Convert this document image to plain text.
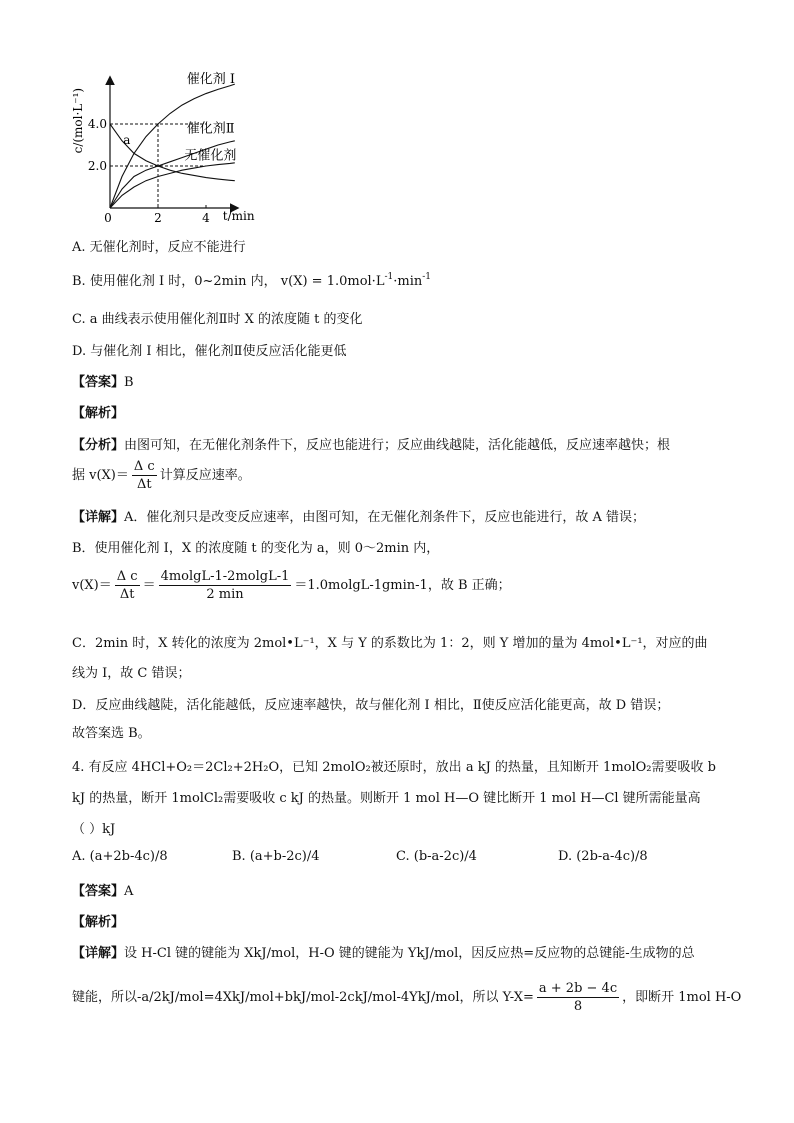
0	2	4
2.0
4.0
催化剂 I
催化剂Ⅱ
无催化剂
a
t/min
c/(mol·L⁻¹)
A. 无催化剂时，反应不能进行
B. 使用催化剂 I 时，0~2min 内， $v(X) = 1.0mol\cdot L^{-1}\cdot\min^{-1}$
C. a 曲线表示使用催化剂Ⅱ时 X 的浓度随 t 的变化
D. 与催化剂 I 相比，催化剂Ⅱ使反应活化能更低
【答案】B
【解析】
【分析】由图可知，在无催化剂条件下，反应也能进行；反应曲线越陡，活化能越低，反应速率越快；根
据 $v(X)= \frac{\text{Δ c}}{\Delta t}$ 计算反应速率。
【详解】A．催化剂只是改变反应速率，由图可知，在无催化剂条件下，反应也能进行，故 A 错误；
B．使用催化剂 I，X 的浓度随 t 的变化为 a，则 0～2min 内，
$v(X)= \frac{\text{Δ c}}{\Delta t} = \frac{4molgL-1-2molgL-1}{2 \min} =1.0molgL-1gmin-1$，故 B 正确；
C．2min 时，X 转化的浓度为 2mol•L⁻¹，X 与 Y 的系数比为 1：2，则 Y 增加的量为 4mol•L⁻¹，对应的曲
线为 I，故 C 错误；
D．反应曲线越陡，活化能越低，反应速率越快，故与催化剂 I 相比，Ⅱ使反应活化能更高，故 D 错误；
故答案选 B。
4. 有反应 4HCl+O₂＝2Cl₂+2H₂O，已知 2molO₂被还原时，放出 a kJ 的热量，且知断开 1molO₂需要吸收 b
kJ 的热量，断开 1molCl₂需要吸收 c kJ 的热量。则断开 1 mol H—O 键比断开 1 mol H—Cl 键所需能量高
（ ）kJ
A. (a+2b-4c)/8	B. (a+b-2c)/4	C. (b-a-2c)/4	D. (2b-a-4c)/8
【答案】A
【解析】
【详解】设 H-Cl 键的键能为 XkJ/mol，H-O 键的键能为 YkJ/mol，因反应热=反应物的总键能-生成物的总
键能，所以-a/2kJ/mol=4XkJ/mol+bkJ/mol-2ckJ/mol-4YkJ/mol，所以 $Y-X= \frac{a + 2b - 4c}{8}$ ，即断开 1mol H-O
